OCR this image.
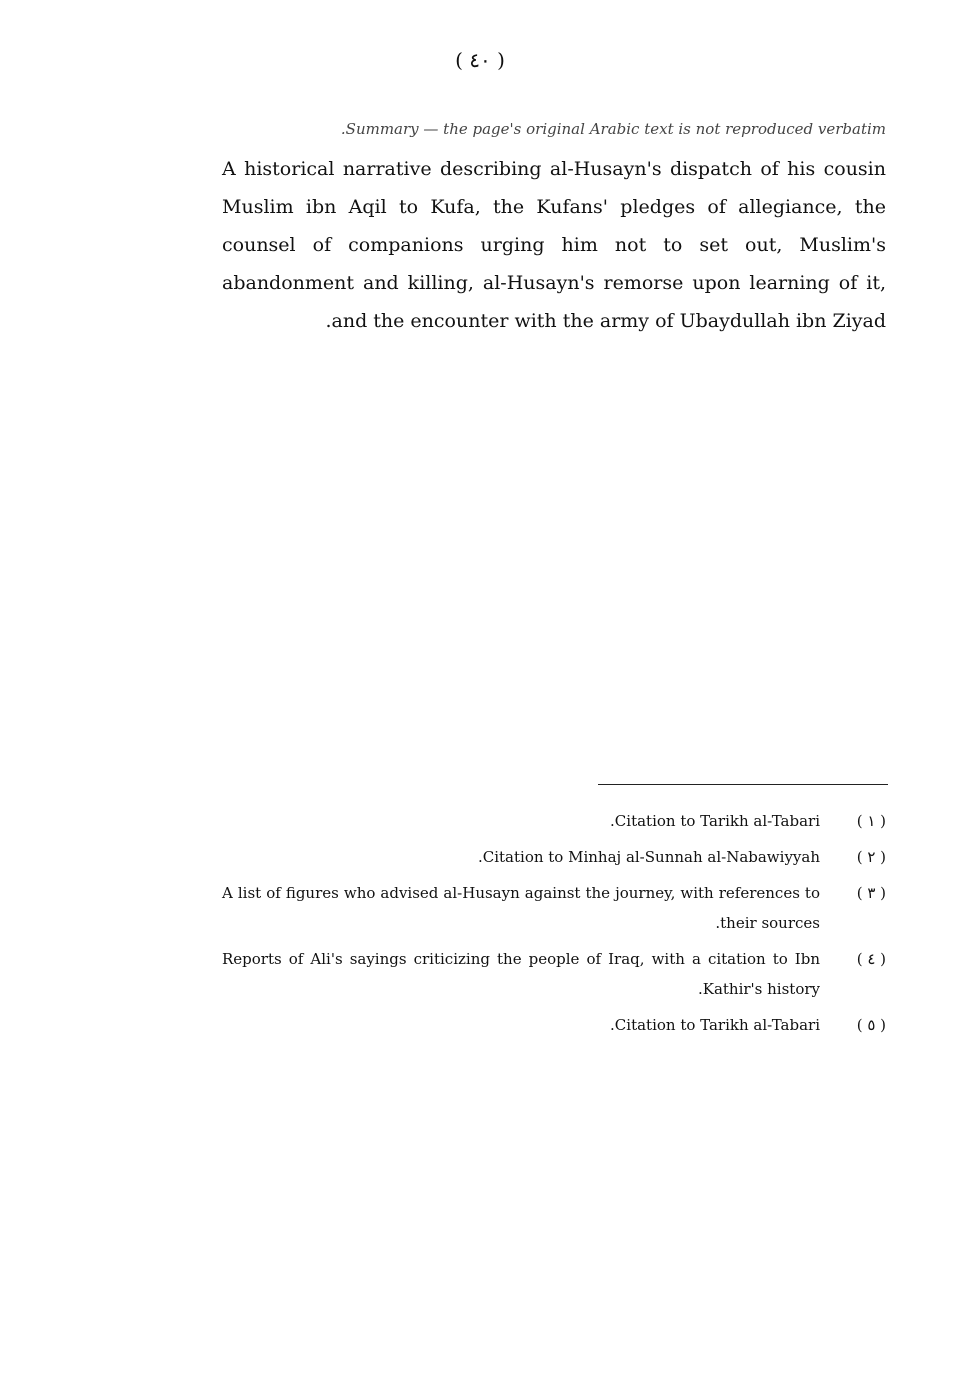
( ٤٠ )
Summary — the page's original Arabic text is not reproduced verbatim.
A historical narrative describing al-Husayn's dispatch of his cousin Muslim ibn Aqil to Kufa, the Kufans' pledges of allegiance, the counsel of companions urging him not to set out, Muslim's abandonment and killing, al-Husayn's remorse upon learning of it, and the encounter with the army of Ubaydullah ibn Ziyad.
( ١ )
Citation to Tarikh al-Tabari.
( ٢ )
Citation to Minhaj al-Sunnah al-Nabawiyyah.
( ٣ )
A list of figures who advised al-Husayn against the journey, with references to their sources.
( ٤ )
Reports of Ali's sayings criticizing the people of Iraq, with a citation to Ibn Kathir's history.
( ٥ )
Citation to Tarikh al-Tabari.
